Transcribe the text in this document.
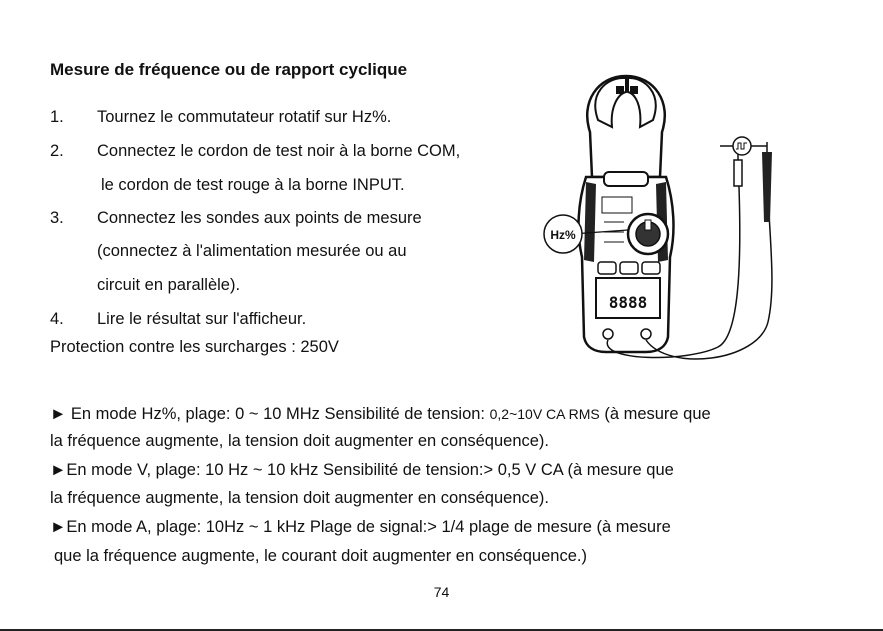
Mesure de fréquence ou de rapport cyclique
1. Tournez le commutateur rotatif sur Hz%.
2. Connectez le cordon de test noir à la borne COM,
le cordon de test rouge à la borne INPUT.
3. Connectez les sondes aux points de mesure
(connectez à l'alimentation mesurée ou au
circuit en parallèle).
4. Lire le résultat sur l'afficheur.
Protection contre les surcharges : 250V
8888
Hz%
► En mode Hz%, plage: 0 ~ 10 MHz Sensibilité de tension: 0,2~10V CA RMS (à mesure que
la fréquence augmente, la tension doit augmenter en conséquence).
►En mode V, plage: 10 Hz ~ 10 kHz Sensibilité de tension:> 0,5 V CA (à mesure que
la fréquence augmente, la tension doit augmenter en conséquence).
►En mode A, plage: 10Hz ~ 1 kHz Plage de signal:> 1/4 plage de mesure (à mesure
que la fréquence augmente, le courant doit augmenter en conséquence.)
74
